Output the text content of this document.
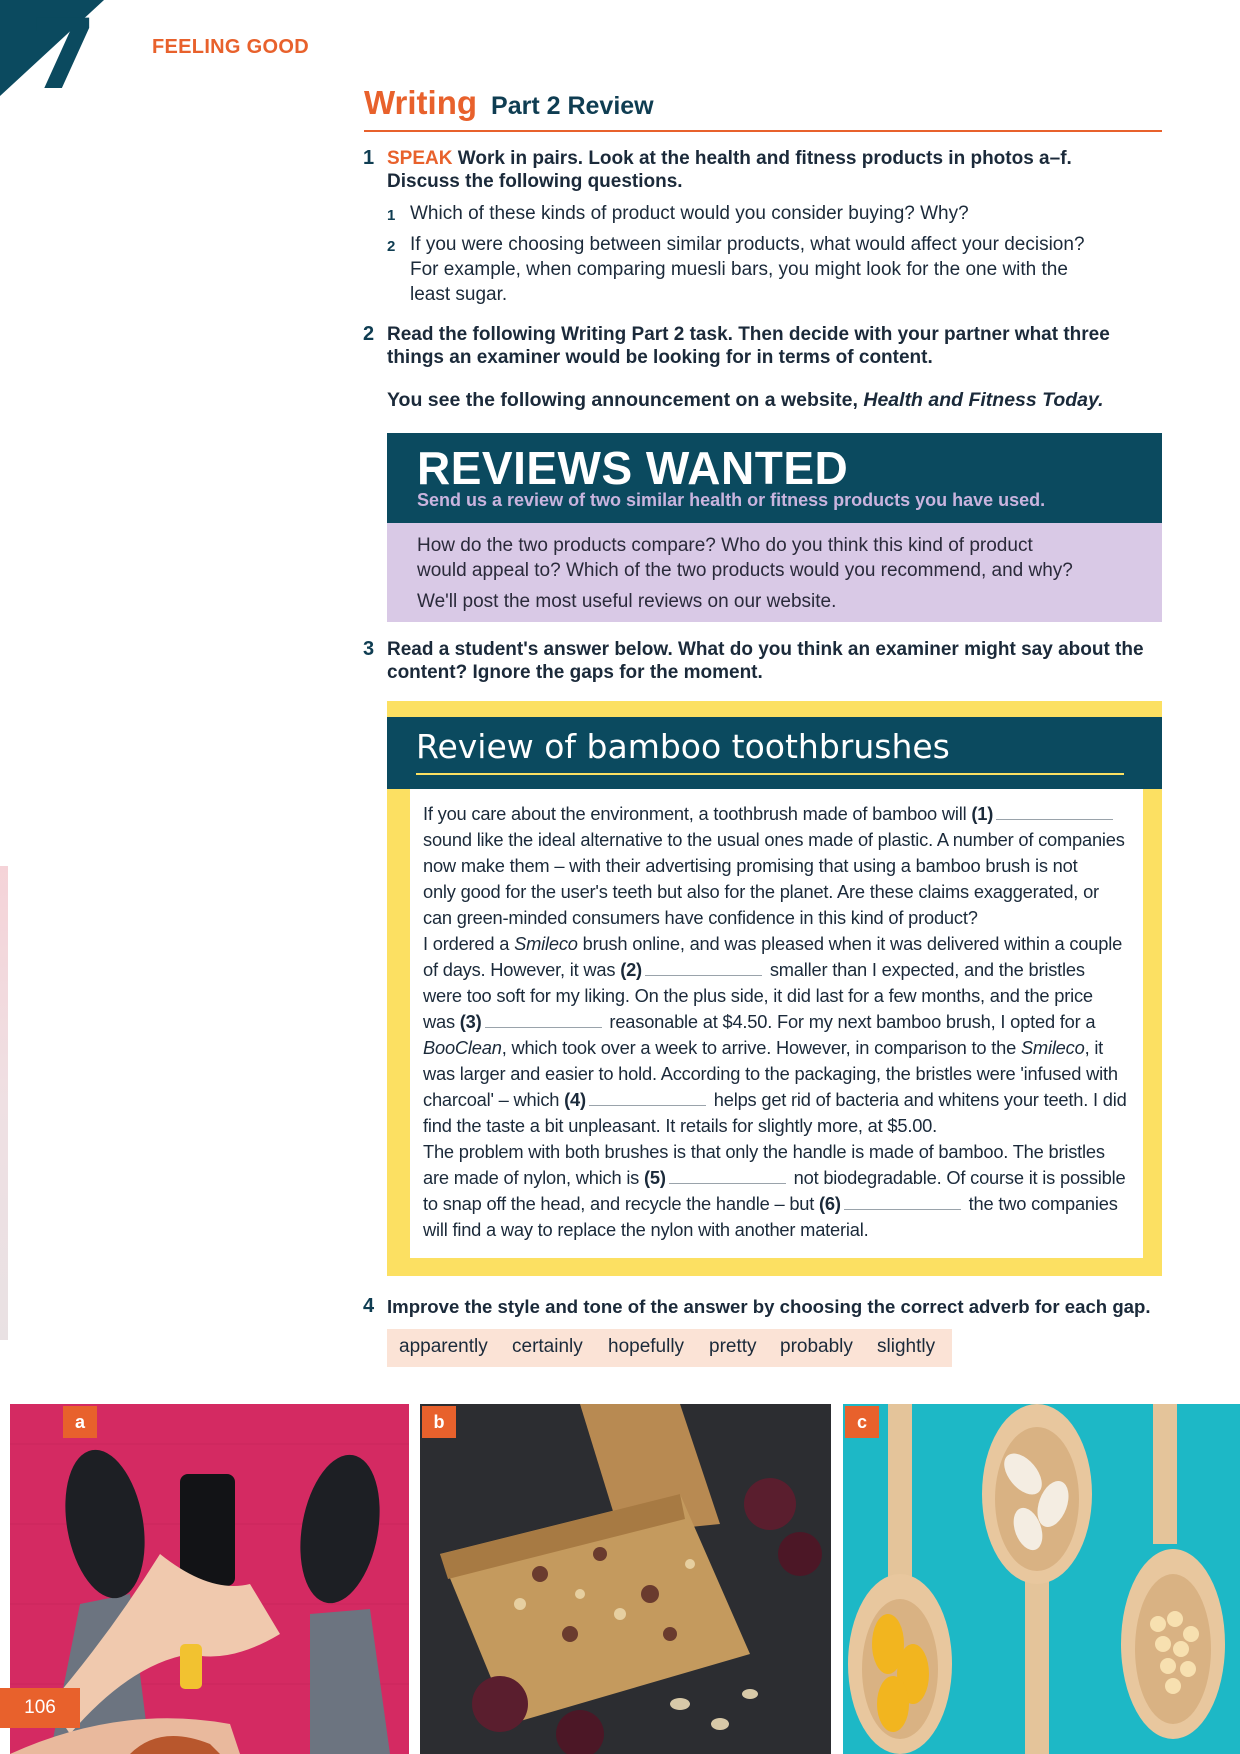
7	FEELING GOOD
Writing Part 2 Review
1 SPEAK Work in pairs. Look at the health and fitness products in photos a–f.
Discuss the following questions.
1 Which of these kinds of product would you consider buying? Why?
2 If you were choosing between similar products, what would affect your decision?
For example, when comparing muesli bars, you might look for the one with the
least sugar.
2 Read the following Writing Part 2 task. Then decide with your partner what three
things an examiner would be looking for in terms of content.
You see the following announcement on a website, Health and Fitness Today.
REVIEWS WANTED
Send us a review of two similar health or fitness products you have used.
How do the two products compare? Who do you think this kind of product
would appeal to? Which of the two products would you recommend, and why?
We'll post the most useful reviews on our website.
3 Read a student's answer below. What do you think an examiner might say about the
content? Ignore the gaps for the moment.
Review of bamboo toothbrushes
If you care about the environment, a toothbrush made of bamboo will (1)
sound like the ideal alternative to the usual ones made of plastic. A number of companies
now make them – with their advertising promising that using a bamboo brush is not
only good for the user's teeth but also for the planet. Are these claims exaggerated, or
can green-minded consumers have confidence in this kind of product?
I ordered a Smileco brush online, and was pleased when it was delivered within a couple
of days. However, it was (2)	smaller than I expected, and the bristles
were too soft for my liking. On the plus side, it did last for a few months, and the price
was (3)	reasonable at $4.50. For my next bamboo brush, I opted for a
BooClean, which took over a week to arrive. However, in comparison to the Smileco, it
was larger and easier to hold. According to the packaging, the bristles were 'infused with
charcoal' – which (4)	helps get rid of bacteria and whitens your teeth. I did
find the taste a bit unpleasant. It retails for slightly more, at $5.00.
The problem with both brushes is that only the handle is made of bamboo. The bristles
are made of nylon, which is (5)	not biodegradable. Of course it is possible
to snap off the head, and recycle the handle – but (6)	the two companies
will find a way to replace the nylon with another material.
4 Improve the style and tone of the answer by choosing the correct adverb for each gap.
apparently certainly hopefully pretty probably slightly
a	b	c
106
